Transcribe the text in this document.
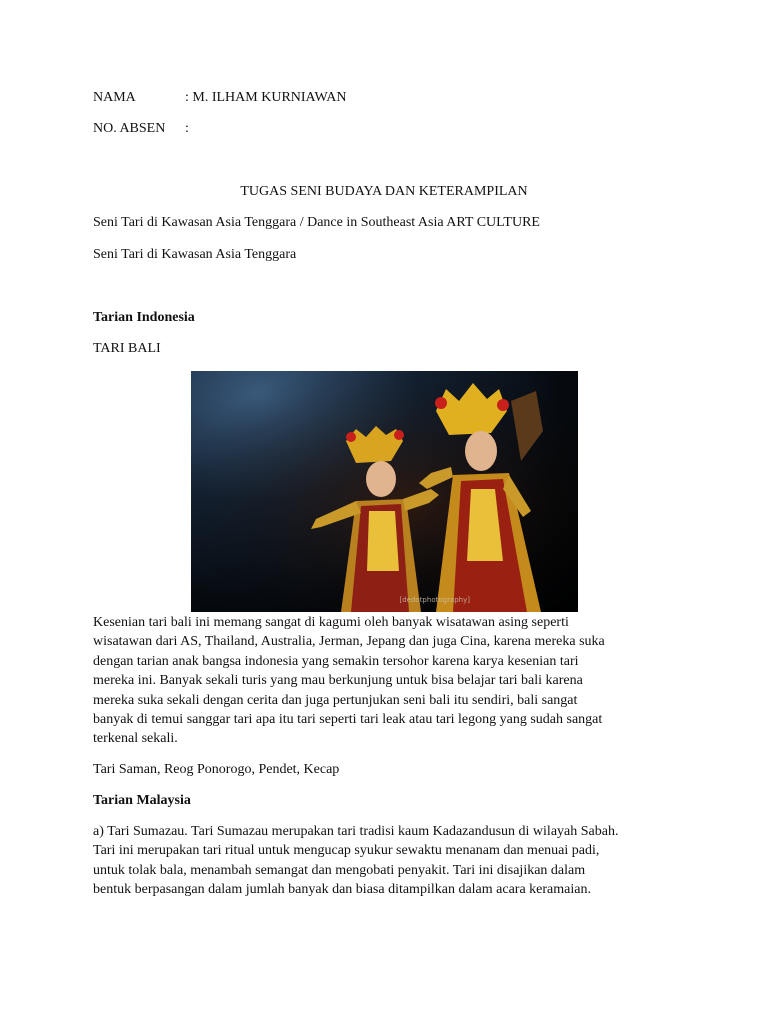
NAMA	: M. ILHAM KURNIAWAN
NO. ABSEN :
TUGAS SENI BUDAYA DAN KETERAMPILAN
Seni Tari di Kawasan Asia Tenggara / Dance in Southeast Asia ART CULTURE
Seni Tari di Kawasan Asia Tenggara
Tarian Indonesia
TARI BALI
[dedotphotography]
Kesenian tari bali ini memang sangat di kagumi oleh banyak wisatawan asing seperti
wisatawan dari AS, Thailand, Australia, Jerman, Jepang dan juga Cina, karena mereka suka
dengan tarian anak bangsa indonesia yang semakin tersohor karena karya kesenian tari
mereka ini. Banyak sekali turis yang mau berkunjung untuk bisa belajar tari bali karena
mereka suka sekali dengan cerita dan juga pertunjukan seni bali itu sendiri, bali sangat
banyak di temui sanggar tari apa itu tari seperti tari leak atau tari legong yang sudah sangat
terkenal sekali.
Tari Saman, Reog Ponorogo, Pendet, Kecap
Tarian Malaysia
a) Tari Sumazau. Tari Sumazau merupakan tari tradisi kaum Kadazandusun di wilayah Sabah.
Tari ini merupakan tari ritual untuk mengucap syukur sewaktu menanam dan menuai padi,
untuk tolak bala, menambah semangat dan mengobati penyakit. Tari ini disajikan dalam
bentuk berpasangan dalam jumlah banyak dan biasa ditampilkan dalam acara keramaian.
